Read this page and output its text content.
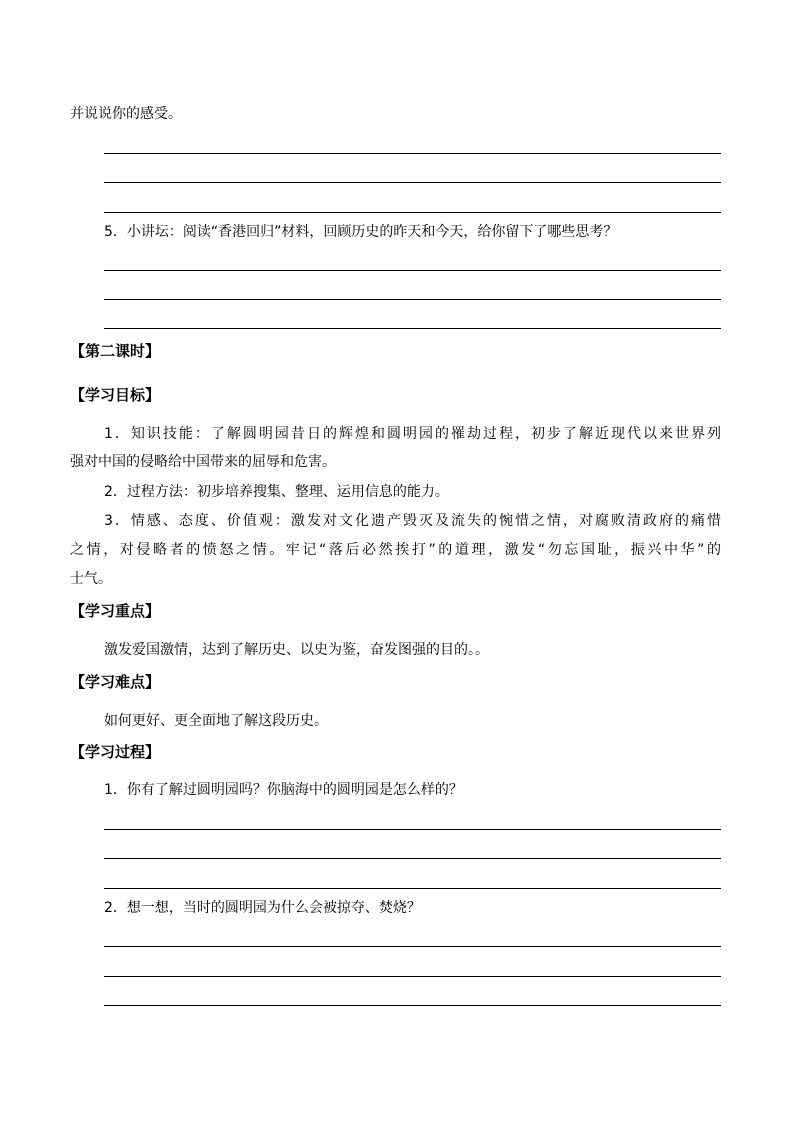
并说说你的感受。
5．小讲坛：阅读“香港回归”材料，回顾历史的昨天和今天，给你留下了哪些思考？
【第二课时】
【学习目标】
1．知识技能：了解圆明园昔日的辉煌和圆明园的罹劫过程，初步了解近现代以来世界列
强对中国的侵略给中国带来的屈辱和危害。
2．过程方法：初步培养搜集、整理、运用信息的能力。
3．情感、态度、价值观：激发对文化遗产毁灭及流失的惋惜之情，对腐败清政府的痛惜
之情，对侵略者的愤怒之情。牢记“落后必然挨打”的道理，激发“勿忘国耻，振兴中华”的
士气。
【学习重点】
激发爱国激情，达到了解历史、以史为鉴，奋发图强的目的。。
【学习难点】
如何更好、更全面地了解这段历史。
【学习过程】
1．你有了解过圆明园吗？你脑海中的圆明园是怎么样的？
2．想一想，当时的圆明园为什么会被掠夺、焚烧？
